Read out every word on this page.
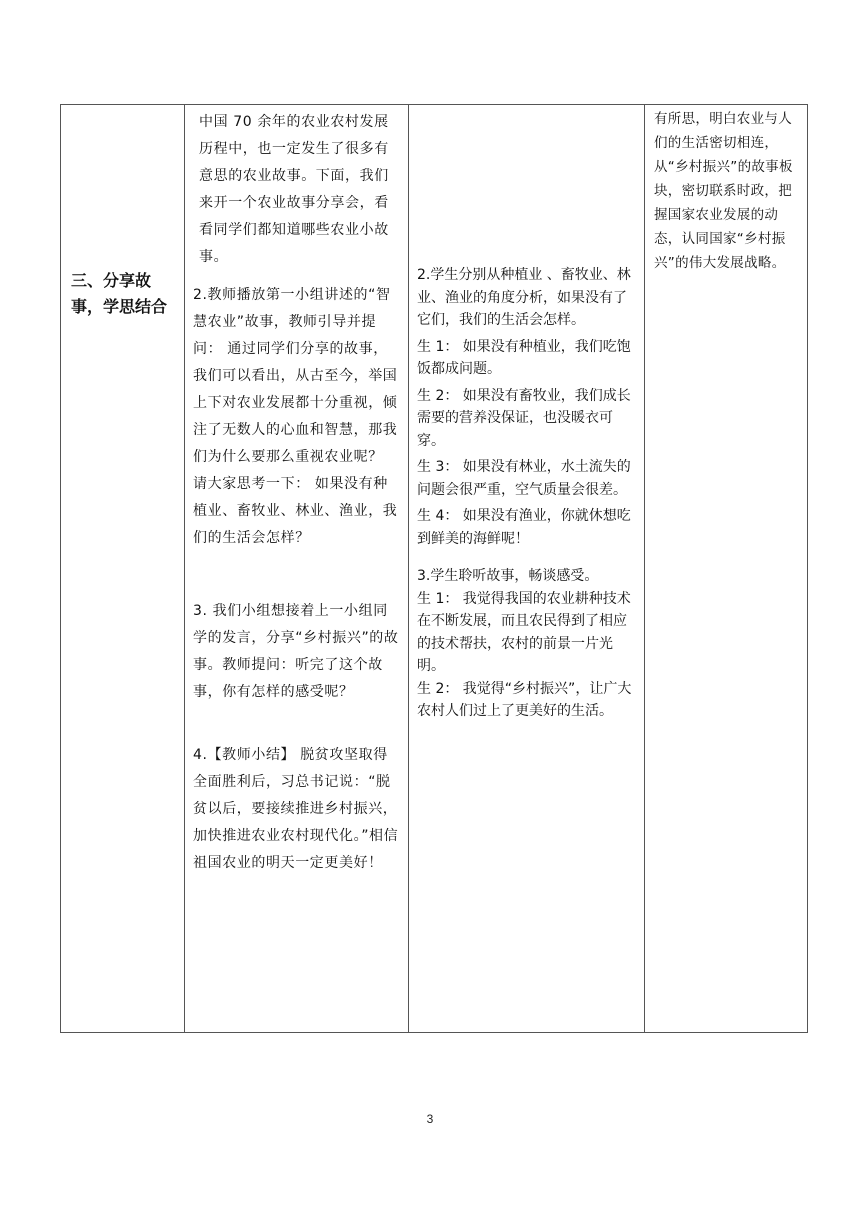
三、分享故事，学思结合

中国 70 余年的农业农村发展历程中，也一定发生了很多有意思的农业故事。下面，我们来开一个农业故事分享会，看看同学们都知道哪些农业小故事。

2.教师播放第一小组讲述的“智慧农业”故事，教师引导并提问： 通过同学们分享的故事，我们可以看出，从古至今，举国上下对农业发展都十分重视，倾注了无数人的心血和智慧，那我们为什么要那么重视农业呢？ 请大家思考一下： 如果没有种植业、畜牧业、林业、渔业，我们的生活会怎样？

3. 我们小组想接着上一小组同学的发言，分享“乡村振兴”的故事。教师提问：听完了这个故事，你有怎样的感受呢？

4.【教师小结】 脱贫攻坚取得全面胜利后，习总书记说：“脱贫以后，要接续推进乡村振兴，加快推进农业农村现代化。”相信祖国农业的明天一定更美好！

2.学生分别从种植业 、畜牧业、林业、渔业的角度分析，如果没有了它们，我们的生活会怎样。

生 1： 如果没有种植业，我们吃饱饭都成问题。

生 2： 如果没有畜牧业，我们成长需要的营养没保证，也没暖衣可穿。

生 3： 如果没有林业，水土流失的问题会很严重，空气质量会很差。

生 4： 如果没有渔业，你就休想吃到鲜美的海鲜呢！

3.学生聆听故事，畅谈感受。

生 1： 我觉得我国的农业耕种技术在不断发展，而且农民得到了相应的技术帮扶，农村的前景一片光明。

生 2： 我觉得“乡村振兴”，让广大农村人们过上了更美好的生活。

有所思，明白农业与人们的生活密切相连，从“乡村振兴”的故事板块，密切联系时政，把握国家农业发展的动态，认同国家“乡村振兴”的伟大发展战略。
3
